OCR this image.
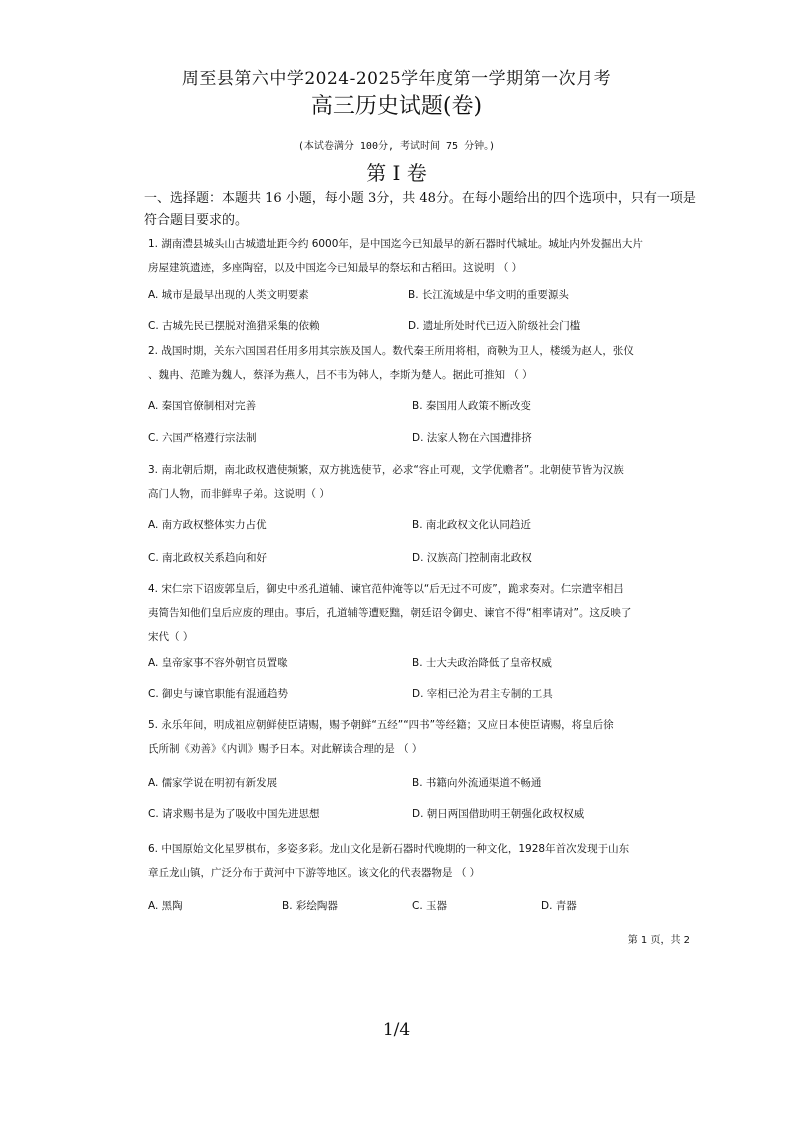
周至县第六中学2024-2025学年度第一学期第一次月考
高三历史试题(卷)
(本试卷满分 100分, 考试时间 75 分钟。)
第 I 卷
一、选择题：本题共 16 小题，每小题 3分，共 48分。在每小题给出的四个选项中，只有一项是
符合题目要求的。
1. 湖南澧县城头山古城遗址距今约 6000年，是中国迄今已知最早的新石器时代城址。城址内外发掘出大片
房屋建筑遗迹，多座陶窑，以及中国迄今已知最早的祭坛和古稻田。这说明 （ ）
A. 城市是最早出现的人类文明要素	B. 长江流域是中华文明的重要源头
C. 古城先民已摆脱对渔猎采集的依赖	D. 遗址所处时代已迈入阶级社会门槛
2. 战国时期，关东六国国君任用多用其宗族及国人。数代秦王所用将相，商鞅为卫人，楼缓为赵人，张仪
、魏冉、范雎为魏人，蔡泽为燕人，吕不韦为韩人，李斯为楚人。据此可推知 （ ）
A. 秦国官僚制相对完善	B. 秦国用人政策不断改变
C. 六国严格遵行宗法制	D. 法家人物在六国遭排挤
3. 南北朝后期，南北政权遣使频繁，双方挑选使节，必求“容止可观，文学优赡者”。北朝使节皆为汉族
高门人物，而非鲜卑子弟。这说明（ ）
A. 南方政权整体实力占优	B. 南北政权文化认同趋近
C. 南北政权关系趋向和好	D. 汉族高门控制南北政权
4. 宋仁宗下诏废郭皇后，御史中丞孔道辅、谏官范仲淹等以“后无过不可废”，跪求奏对。仁宗遣宰相吕
夷简告知他们皇后应废的理由。事后，孔道辅等遭贬黜，朝廷诏令御史、谏官不得“相率请对”。这反映了
宋代（ ）
A. 皇帝家事不容外朝官员置喙	B. 士大夫政治降低了皇帝权威
C. 御史与谏官职能有混通趋势	D. 宰相已沦为君主专制的工具
5. 永乐年间，明成祖应朝鲜使臣请赐，赐予朝鲜“五经”“四书”等经籍；又应日本使臣请赐，将皇后徐
氏所制《劝善》《内训》赐予日本。对此解读合理的是 （ ）
A. 儒家学说在明初有新发展	B. 书籍向外流通渠道不畅通
C. 请求赐书是为了吸收中国先进思想	D. 朝日两国借助明王朝强化政权权威
6. 中国原始文化星罗棋布，多姿多彩。龙山文化是新石器时代晚期的一种文化，1928年首次发现于山东
章丘龙山镇，广泛分布于黄河中下游等地区。该文化的代表器物是 （ ）
A. 黑陶	B. 彩绘陶器	C. 玉器	D. 青器
第 1 页，共 2
1/4
